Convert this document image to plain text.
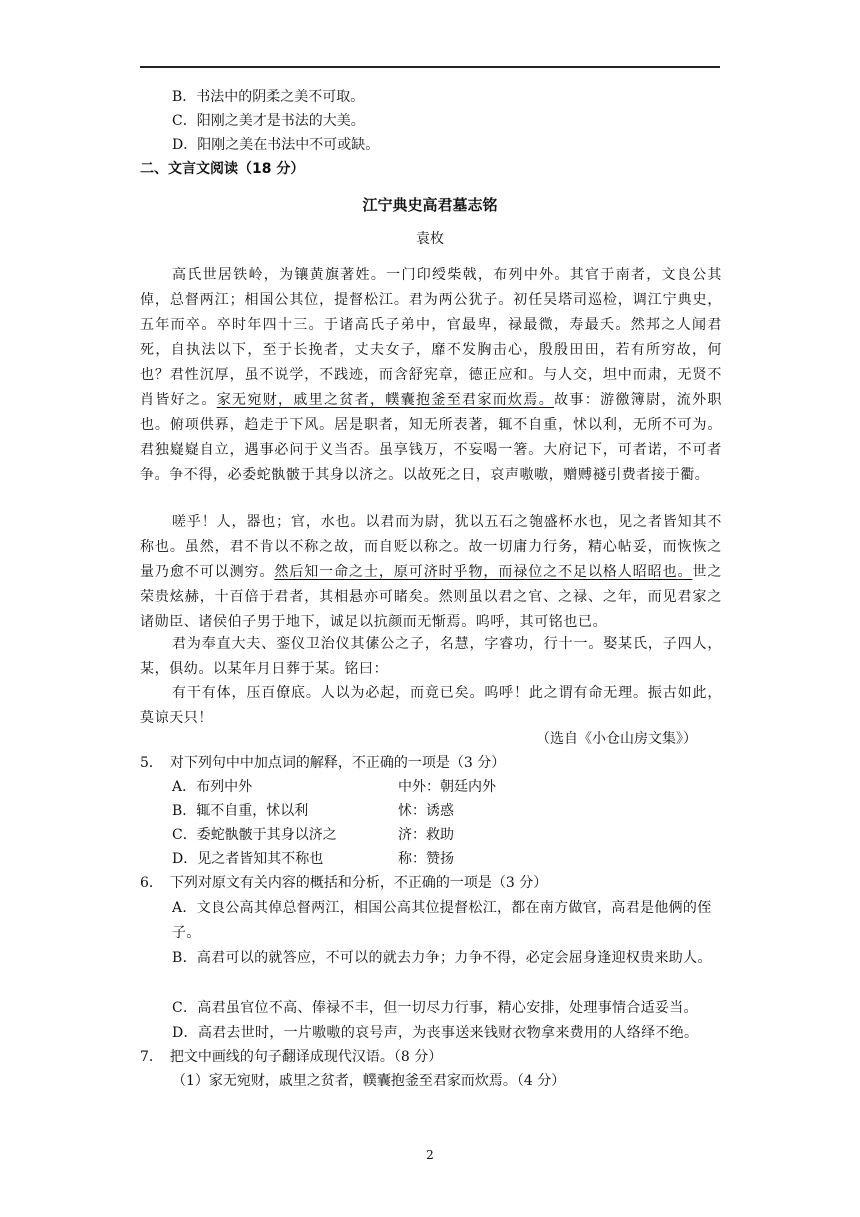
B．书法中的阴柔之美不可取。
C．阳刚之美才是书法的大美。
D．阳刚之美在书法中不可或缺。
二、文言文阅读（18 分）
江宁典史高君墓志铭
袁枚
高氏世居铁岭，为镶黄旗著姓。一门印绶柴戟，布列中外。其官于南者，文良公其倬，总督两江；相国公其位，提督松江。君为两公犹子。初任吴塔司巡检，调江宁典史，五年而卒。卒时年四十三。于诸高氏子弟中，官最卑，禄最微，寿最夭。然邦之人闻君死，自执法以下，至于长挽者，丈夫女子，靡不发胸击心，殷殷田田，若有所穷故，何也？君性沉厚，虽不说学，不践迹，而含舒宪章，德正应和。与人交，坦中而肃，无贤不肖皆好之。家无宛财，戚里之贫者，幞囊抱釜至君家而炊焉。故事：游徼簿尉，流外职也。俯项供奡，趋走于下风。居是职者，知无所表著，辄不自重，怵以利，无所不可为。君独嶷嶷自立，遇事必问于义当否。虽享钱万，不妄喝一箸。大府记下，可者诺，不可者争。争不得，必委蛇骫骳于其身以济之。以故死之日，哀声嗷嗷，赠赙襚引费者接于衢。
嗟乎！人，器也；官，水也。以君而为尉，犹以五石之匏盛杯水也，见之者皆知其不称也。虽然，君不肯以不称之故，而自贬以称之。故一切庸力行务，精心帖妥，而恢恢之量乃愈不可以测穷。然后知一命之士，原可济时乎物，而禄位之不足以格人昭昭也。世之荣贵炫赫，十百倍于君者，其相悬亦可睹矣。然则虽以君之官、之禄、之年，而见君家之诸勋臣、诸侯伯子男于地下，诚足以抗颜而无惭焉。呜呼，其可铭也已。
君为奉直大夫、銮仪卫治仪其傃公之子，名慧，字睿功，行十一。娶某氏，子四人，某，俱幼。以某年月日葬于某。铭曰：
有干有体，压百僚底。人以为必起，而竟已矣。呜呼！此之谓有命无理。振古如此，莫谅天只！
（选自《小仓山房文集》）
5．　对下列句中中加点词的解释，不正确的一项是（3 分）
A．布列中外	中外：朝廷内外
B．辄不自重，怵以利	怵：诱惑
C．委蛇骫骳于其身以济之	济：救助
D．见之者皆知其不称也	称：赞扬
6．　下列对原文有关内容的概括和分析，不正确的一项是（3 分）
A．文良公高其倬总督两江，相国公高其位提督松江，都在南方做官，高君是他俩的侄子。
B．高君可以的就答应，不可以的就去力争；力争不得，必定会屈身逢迎权贵来助人。
C．高君虽官位不高、俸禄不丰，但一切尽力行事，精心安排，处理事情合适妥当。
D．高君去世时，一片嗷嗷的哀号声，为丧事送来钱财衣物拿来费用的人络绎不绝。
7．　把文中画线的句子翻译成现代汉语。（8 分）
（1）家无宛财，戚里之贫者，幞囊抱釜至君家而炊焉。（4 分）
2
